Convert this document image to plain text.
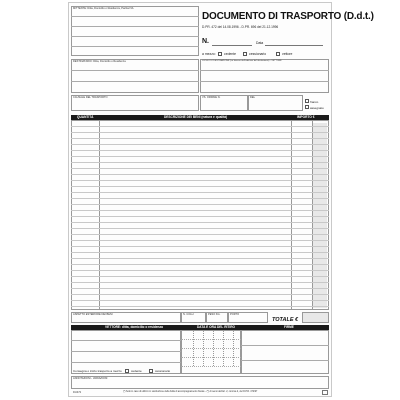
MITTENTE: Ditta, Domicilio o Residenza, Partita IVA
DOCUMENTO DI TRASPORTO (D.d.t.)
D.PR. 472 del 14.08.1996 - D.PR. 696 del 21.12.1996
N.	Data
a mezzo: cedente	cessionario	vettore
DESTINATARIO: Ditta, Domicilio o Residenza	LUOGO DI DESTINAZIONE (se diverso dall'indirizzo del destinatario) - VETTORE
CAUSALE DEL TRASPORTO	VS. ORDINE N.	DEL
franco
assegnato
QUANTITÀ	DESCRIZIONE DEI BENI (natura e qualità)	IMPORTO €
ASPETTO ESTERIORE DEI BENI	N. COLLI	PESO KG.	PORTO
TOTALE €
VETTORE: ditta, domicilio o residenza	DATA E ORA DEL RITIRO	FIRME
Consegna o inizio trasporto a mezzo	cedente	cessionario
ANNOTAZIONI - VARIAZIONI
DU472	(*) Solo in caso di utilizzo in sostituzione della bolla di accompagnamento fiscale - (*) Ai sensi dell'art. 2, comma 2, del D.P.R. 472/97
